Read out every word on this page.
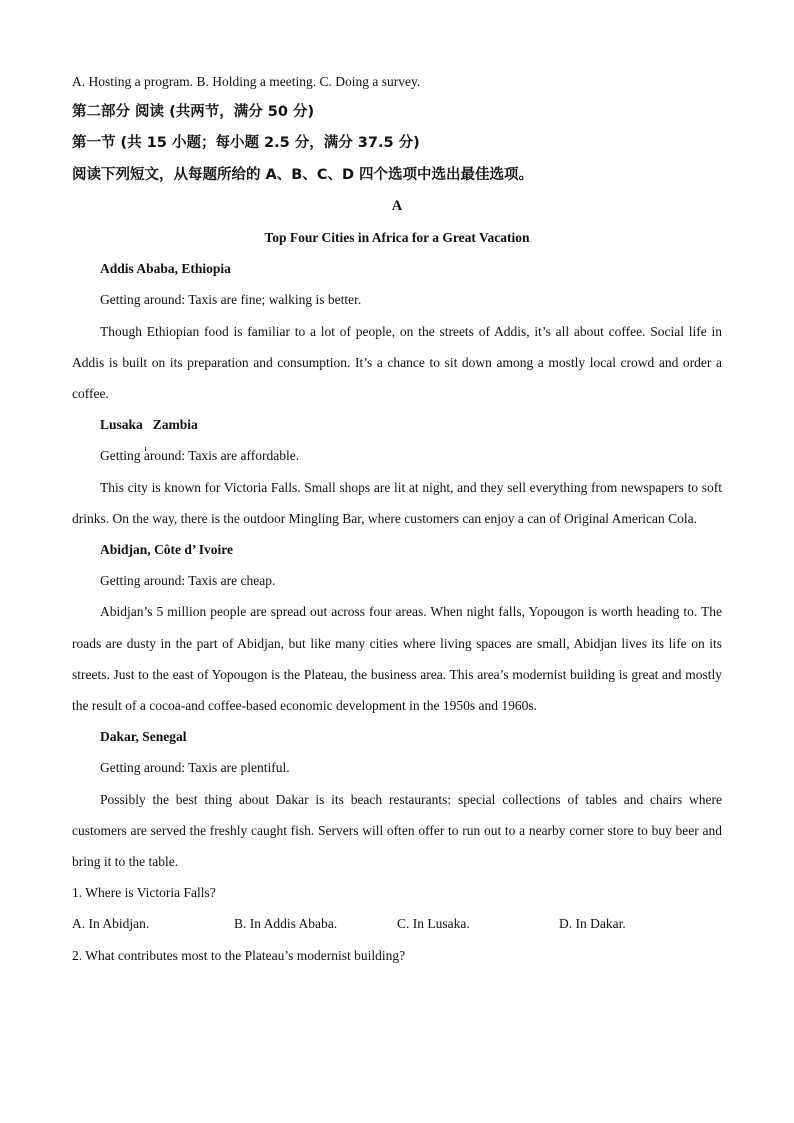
A. Hosting a program. B. Holding a meeting. C. Doing a survey.

第二部分 阅读 (共两节，满分 50 分)

第一节 (共 15 小题；每小题 2.5 分，满分 37.5 分)

阅读下列短文，从每题所给的 A、B、C、D 四个选项中选出最佳选项。

A

Top Four Cities in Africa for a Great Vacation

Addis Ababa, Ethiopia

Getting around: Taxis are fine; walking is better.

Though Ethiopian food is familiar to a lot of people, on the streets of Addis, it’s all about coffee. Social life in Addis is built on its preparation and consumption. It’s a chance to sit down among a mostly local crowd and order a coffee.

Lusaka Zambia

Getting around: Taxis are affordable.

This city is known for Victoria Falls. Small shops are lit at night, and they sell everything from newspapers to soft drinks. On the way, there is the outdoor Mingling Bar, where customers can enjoy a can of Original American Cola.

Abidjan, Côte d’ Ivoire

Getting around: Taxis are cheap.

Abidjan’s 5 million people are spread out across four areas. When night falls, Yopougon is worth heading to. The roads are dusty in the part of Abidjan, but like many cities where living spaces are small, Abidjan lives its life on its streets. Just to the east of Yopougon is the Plateau, the business area. This area’s modernist building is great and mostly the result of a cocoa-and coffee-based economic development in the 1950s and 1960s.

Dakar, Senegal

Getting around: Taxis are plentiful.

Possibly the best thing about Dakar is its beach restaurants: special collections of tables and chairs where customers are served the freshly caught fish. Servers will often offer to run out to a nearby corner store to buy beer and bring it to the table.

1. Where is Victoria Falls?

A. In Abidjan.	B. In Addis Ababa.	C. In Lusaka.	D. In Dakar.

2. What contributes most to the Plateau’s modernist building?
